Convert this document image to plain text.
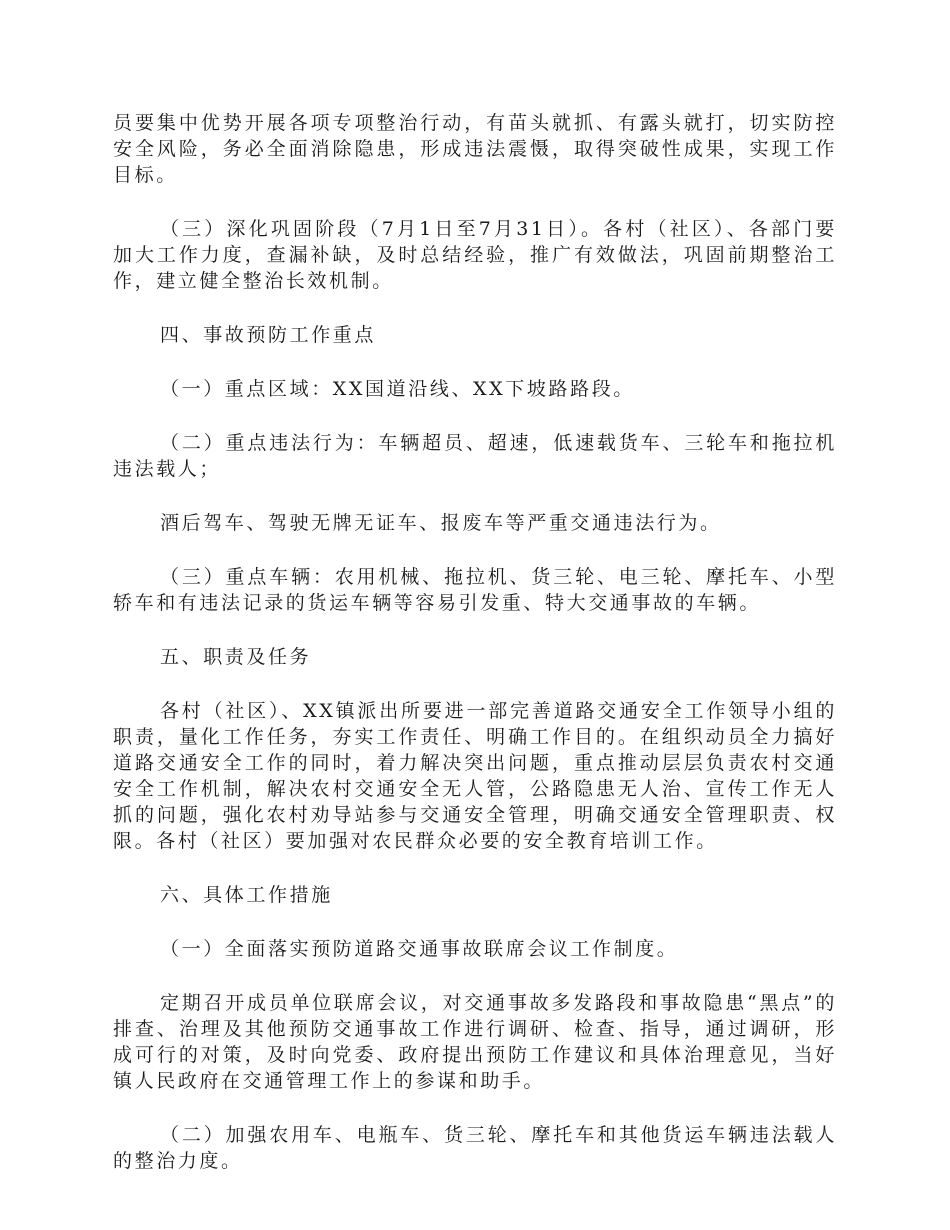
员要集中优势开展各项专项整治行动，有苗头就抓、有露头就打，切实防控安全风险，务必全面消除隐患，形成违法震慑，取得突破性成果，实现工作目标。

（三）深化巩固阶段（7月1日至7月31日）。各村（社区）、各部门要加大工作力度，查漏补缺，及时总结经验，推广有效做法，巩固前期整治工作，建立健全整治长效机制。

四、事故预防工作重点

（一）重点区域：XX国道沿线、XX下坡路路段。

（二）重点违法行为：车辆超员、超速，低速载货车、三轮车和拖拉机违法载人；

酒后驾车、驾驶无牌无证车、报废车等严重交通违法行为。

（三）重点车辆：农用机械、拖拉机、货三轮、电三轮、摩托车、小型轿车和有违法记录的货运车辆等容易引发重、特大交通事故的车辆。

五、职责及任务

各村（社区）、XX镇派出所要进一部完善道路交通安全工作领导小组的职责，量化工作任务，夯实工作责任、明确工作目的。在组织动员全力搞好道路交通安全工作的同时，着力解决突出问题，重点推动层层负责农村交通安全工作机制，解决农村交通安全无人管，公路隐患无人治、宣传工作无人抓的问题，强化农村劝导站参与交通安全管理，明确交通安全管理职责、权限。各村（社区）要加强对农民群众必要的安全教育培训工作。

六、具体工作措施

（一）全面落实预防道路交通事故联席会议工作制度。

定期召开成员单位联席会议，对交通事故多发路段和事故隐患“黑点”的排查、治理及其他预防交通事故工作进行调研、检查、指导，通过调研，形成可行的对策，及时向党委、政府提出预防工作建议和具体治理意见，当好镇人民政府在交通管理工作上的参谋和助手。

（二）加强农用车、电瓶车、货三轮、摩托车和其他货运车辆违法载人的整治力度。
